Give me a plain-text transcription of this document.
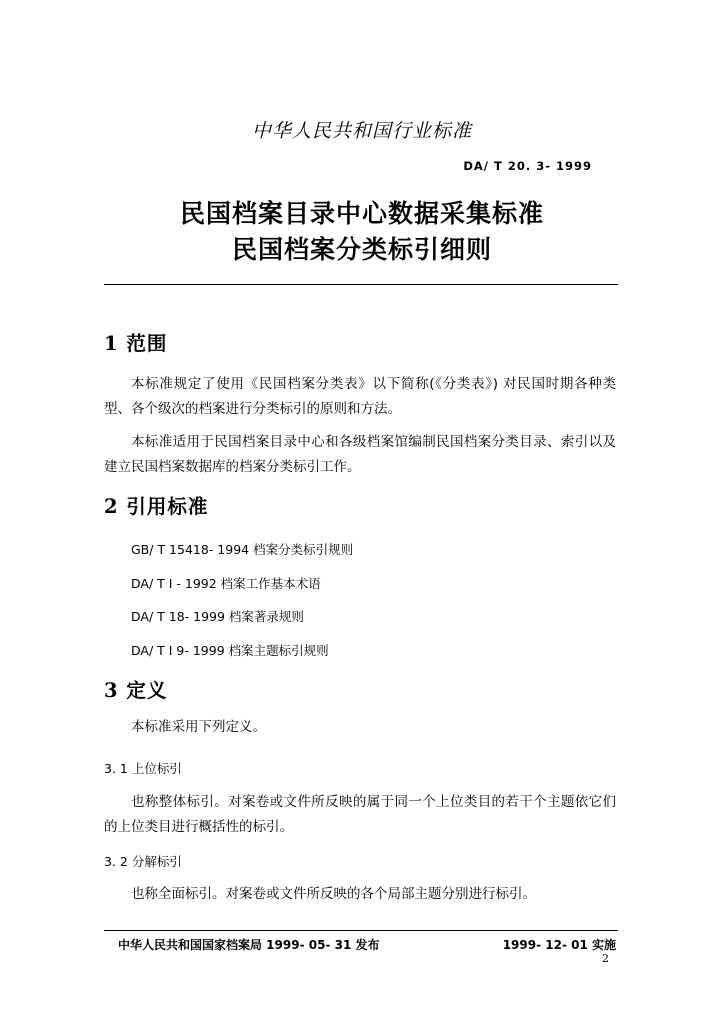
中华人民共和国行业标准
DA/ T 20. 3- 1999
民国档案目录中心数据采集标准
民国档案分类标引细则
1 范围
本标准规定了使用《民国档案分类表》以下简称(《分类表》) 对民国时期各种类型、各个级次的档案进行分类标引的原则和方法。
本标准适用于民国档案目录中心和各级档案馆编制民国档案分类目录、索引以及建立民国档案数据库的档案分类标引工作。
2 引用标准
GB/ T 15418- 1994 档案分类标引规则
DA/ T I - 1992 档案工作基本术语
DA/ T 18- 1999 档案著录规则
DA/ T I 9- 1999 档案主题标引规则
3 定义
本标准采用下列定义。
3. 1 上位标引
也称整体标引。对案卷或文件所反映的属于同一个上位类目的若干个主题依它们的上位类目进行概括性的标引。
3. 2 分解标引
也称全面标引。对案卷或文件所反映的各个局部主题分别进行标引。
中华人民共和国国家档案局 1999- 05- 31 发布	1999- 12- 01 实施
2
